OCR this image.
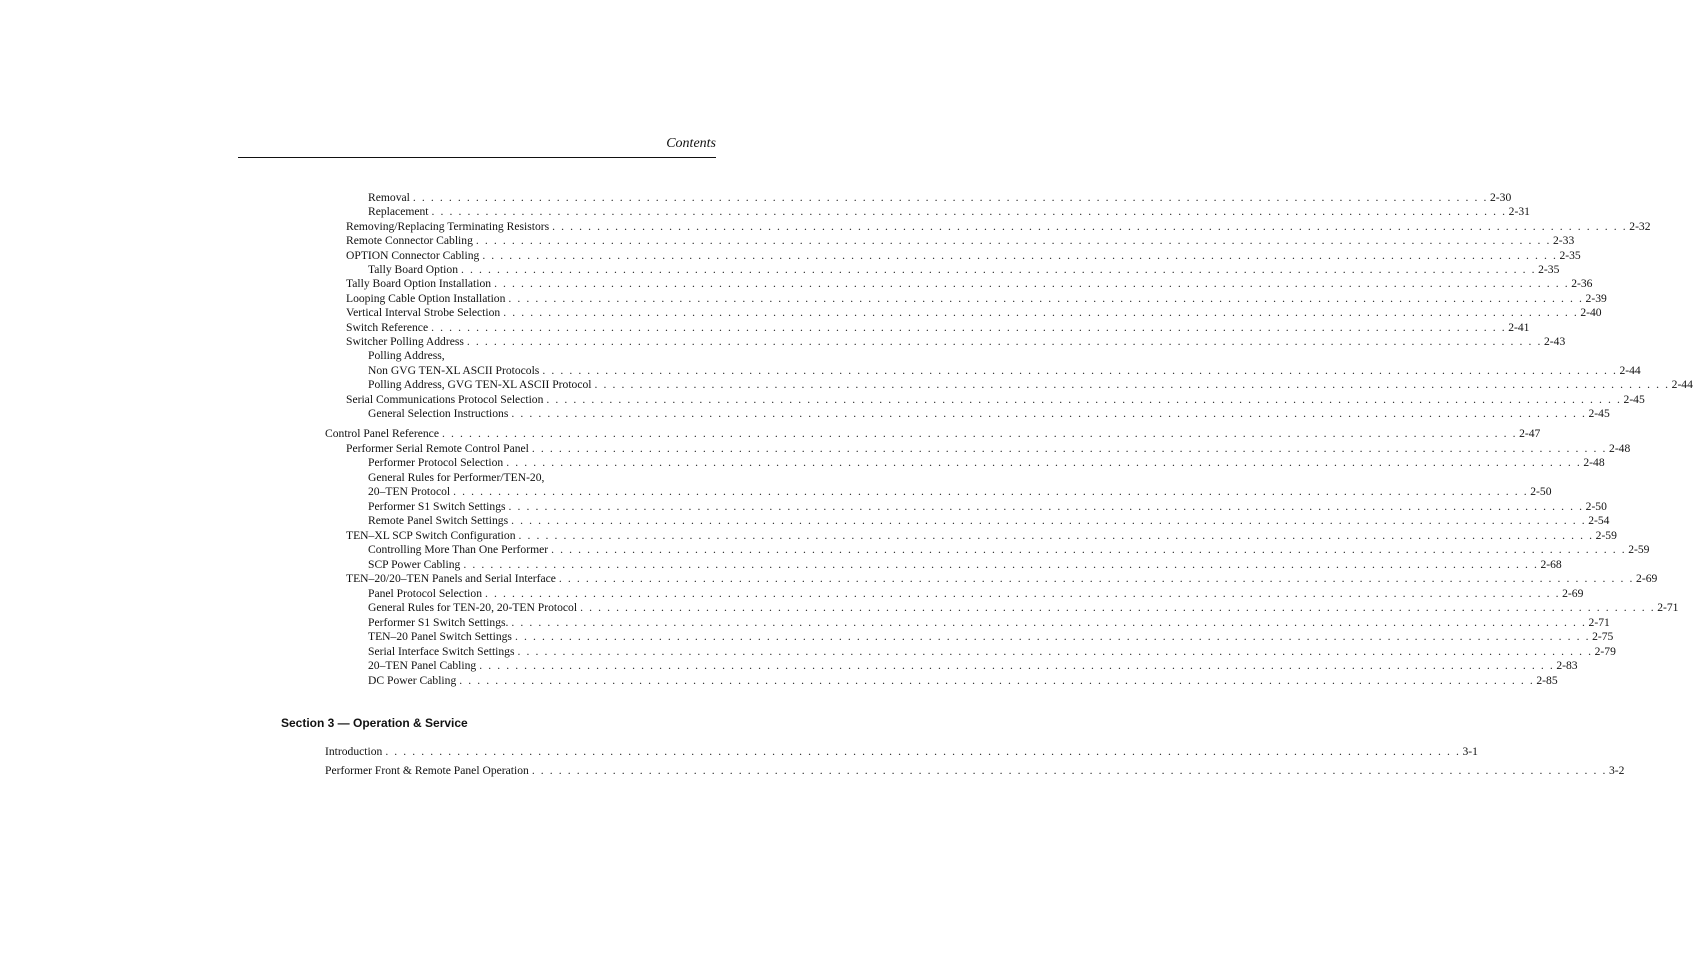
Contents
Removal . . . . . . . . . . . . . . . . . . . . . . . . . . . . . . . . . . . . . . . . . . . . . . . . . . . . . . . . . . . . . . . . . . . . . . . . . . . . . . . . . . . . . . . . . . . . . . . . . . . . . . . . . . . . . . . . . . . . . . . . 2-30
Replacement . . . . . . . . . . . . . . . . . . . . . . . . . . . . . . . . . . . . . . . . . . . . . . . . . . . . . . . . . . . . . . . . . . . . . . . . . . . . . . . . . . . . . . . . . . . . . . . . . . . . . . . . . . . . . . . . . . . . . . . . 2-31
Removing/Replacing Terminating Resistors . . . . . . . . . . . . . . . . . . . . . . . . . . . . . . . . . . . . . . . . . . . . . . . . . . . . . . . . . . . . . . . . . . . . . . . . . . . . . . . . . . . . . . . . . . . . . . . . . . . . . . . . . . . . . . . . . . . . . . . . 2-32
Remote Connector Cabling . . . . . . . . . . . . . . . . . . . . . . . . . . . . . . . . . . . . . . . . . . . . . . . . . . . . . . . . . . . . . . . . . . . . . . . . . . . . . . . . . . . . . . . . . . . . . . . . . . . . . . . . . . . . . . . . . . . . . . . . 2-33
OPTION Connector Cabling . . . . . . . . . . . . . . . . . . . . . . . . . . . . . . . . . . . . . . . . . . . . . . . . . . . . . . . . . . . . . . . . . . . . . . . . . . . . . . . . . . . . . . . . . . . . . . . . . . . . . . . . . . . . . . . . . . . . . . . . 2-35
Tally Board Option . . . . . . . . . . . . . . . . . . . . . . . . . . . . . . . . . . . . . . . . . . . . . . . . . . . . . . . . . . . . . . . . . . . . . . . . . . . . . . . . . . . . . . . . . . . . . . . . . . . . . . . . . . . . . . . . . . . . . . . . 2-35
Tally Board Option Installation . . . . . . . . . . . . . . . . . . . . . . . . . . . . . . . . . . . . . . . . . . . . . . . . . . . . . . . . . . . . . . . . . . . . . . . . . . . . . . . . . . . . . . . . . . . . . . . . . . . . . . . . . . . . . . . . . . . . . . . . 2-36
Looping Cable Option Installation . . . . . . . . . . . . . . . . . . . . . . . . . . . . . . . . . . . . . . . . . . . . . . . . . . . . . . . . . . . . . . . . . . . . . . . . . . . . . . . . . . . . . . . . . . . . . . . . . . . . . . . . . . . . . . . . . . . . . . . . 2-39
Vertical Interval Strobe Selection . . . . . . . . . . . . . . . . . . . . . . . . . . . . . . . . . . . . . . . . . . . . . . . . . . . . . . . . . . . . . . . . . . . . . . . . . . . . . . . . . . . . . . . . . . . . . . . . . . . . . . . . . . . . . . . . . . . . . . . . 2-40
Switch Reference . . . . . . . . . . . . . . . . . . . . . . . . . . . . . . . . . . . . . . . . . . . . . . . . . . . . . . . . . . . . . . . . . . . . . . . . . . . . . . . . . . . . . . . . . . . . . . . . . . . . . . . . . . . . . . . . . . . . . . . . 2-41
Switcher Polling Address . . . . . . . . . . . . . . . . . . . . . . . . . . . . . . . . . . . . . . . . . . . . . . . . . . . . . . . . . . . . . . . . . . . . . . . . . . . . . . . . . . . . . . . . . . . . . . . . . . . . . . . . . . . . . . . . . . . . . . . . 2-43
Polling Address,
Non GVG TEN-XL ASCII Protocols . . . . . . . . . . . . . . . . . . . . . . . . . . . . . . . . . . . . . . . . . . . . . . . . . . . . . . . . . . . . . . . . . . . . . . . . . . . . . . . . . . . . . . . . . . . . . . . . . . . . . . . . . . . . . . . . . . . . . . . . 2-44
Polling Address, GVG TEN-XL ASCII Protocol . . . . . . . . . . . . . . . . . . . . . . . . . . . . . . . . . . . . . . . . . . . . . . . . . . . . . . . . . . . . . . . . . . . . . . . . . . . . . . . . . . . . . . . . . . . . . . . . . . . . . . . . . . . . . . . . . . . . . . . . 2-44
Serial Communications Protocol Selection . . . . . . . . . . . . . . . . . . . . . . . . . . . . . . . . . . . . . . . . . . . . . . . . . . . . . . . . . . . . . . . . . . . . . . . . . . . . . . . . . . . . . . . . . . . . . . . . . . . . . . . . . . . . . . . . . . . . . . . . 2-45
General Selection Instructions . . . . . . . . . . . . . . . . . . . . . . . . . . . . . . . . . . . . . . . . . . . . . . . . . . . . . . . . . . . . . . . . . . . . . . . . . . . . . . . . . . . . . . . . . . . . . . . . . . . . . . . . . . . . . . . . . . . . . . . . 2-45
Control Panel Reference . . . . . . . . . . . . . . . . . . . . . . . . . . . . . . . . . . . . . . . . . . . . . . . . . . . . . . . . . . . . . . . . . . . . . . . . . . . . . . . . . . . . . . . . . . . . . . . . . . . . . . . . . . . . . . . . . . . . . . . . 2-47
Performer Serial Remote Control Panel . . . . . . . . . . . . . . . . . . . . . . . . . . . . . . . . . . . . . . . . . . . . . . . . . . . . . . . . . . . . . . . . . . . . . . . . . . . . . . . . . . . . . . . . . . . . . . . . . . . . . . . . . . . . . . . . . . . . . . . . 2-48
Performer Protocol Selection . . . . . . . . . . . . . . . . . . . . . . . . . . . . . . . . . . . . . . . . . . . . . . . . . . . . . . . . . . . . . . . . . . . . . . . . . . . . . . . . . . . . . . . . . . . . . . . . . . . . . . . . . . . . . . . . . . . . . . . . 2-48
General Rules for Performer/TEN-20,
20–TEN Protocol . . . . . . . . . . . . . . . . . . . . . . . . . . . . . . . . . . . . . . . . . . . . . . . . . . . . . . . . . . . . . . . . . . . . . . . . . . . . . . . . . . . . . . . . . . . . . . . . . . . . . . . . . . . . . . . . . . . . . . . . 2-50
Performer S1 Switch Settings . . . . . . . . . . . . . . . . . . . . . . . . . . . . . . . . . . . . . . . . . . . . . . . . . . . . . . . . . . . . . . . . . . . . . . . . . . . . . . . . . . . . . . . . . . . . . . . . . . . . . . . . . . . . . . . . . . . . . . . . 2-50
Remote Panel Switch Settings . . . . . . . . . . . . . . . . . . . . . . . . . . . . . . . . . . . . . . . . . . . . . . . . . . . . . . . . . . . . . . . . . . . . . . . . . . . . . . . . . . . . . . . . . . . . . . . . . . . . . . . . . . . . . . . . . . . . . . . . 2-54
TEN–XL SCP Switch Configuration . . . . . . . . . . . . . . . . . . . . . . . . . . . . . . . . . . . . . . . . . . . . . . . . . . . . . . . . . . . . . . . . . . . . . . . . . . . . . . . . . . . . . . . . . . . . . . . . . . . . . . . . . . . . . . . . . . . . . . . . 2-59
Controlling More Than One Performer . . . . . . . . . . . . . . . . . . . . . . . . . . . . . . . . . . . . . . . . . . . . . . . . . . . . . . . . . . . . . . . . . . . . . . . . . . . . . . . . . . . . . . . . . . . . . . . . . . . . . . . . . . . . . . . . . . . . . . . . 2-59
SCP Power Cabling . . . . . . . . . . . . . . . . . . . . . . . . . . . . . . . . . . . . . . . . . . . . . . . . . . . . . . . . . . . . . . . . . . . . . . . . . . . . . . . . . . . . . . . . . . . . . . . . . . . . . . . . . . . . . . . . . . . . . . . . 2-68
TEN–20/20–TEN Panels and Serial Interface . . . . . . . . . . . . . . . . . . . . . . . . . . . . . . . . . . . . . . . . . . . . . . . . . . . . . . . . . . . . . . . . . . . . . . . . . . . . . . . . . . . . . . . . . . . . . . . . . . . . . . . . . . . . . . . . . . . . . . . . 2-69
Panel Protocol Selection . . . . . . . . . . . . . . . . . . . . . . . . . . . . . . . . . . . . . . . . . . . . . . . . . . . . . . . . . . . . . . . . . . . . . . . . . . . . . . . . . . . . . . . . . . . . . . . . . . . . . . . . . . . . . . . . . . . . . . . . 2-69
General Rules for TEN-20, 20-TEN Protocol . . . . . . . . . . . . . . . . . . . . . . . . . . . . . . . . . . . . . . . . . . . . . . . . . . . . . . . . . . . . . . . . . . . . . . . . . . . . . . . . . . . . . . . . . . . . . . . . . . . . . . . . . . . . . . . . . . . . . . . . 2-71
Performer S1 Switch Settings. . . . . . . . . . . . . . . . . . . . . . . . . . . . . . . . . . . . . . . . . . . . . . . . . . . . . . . . . . . . . . . . . . . . . . . . . . . . . . . . . . . . . . . . . . . . . . . . . . . . . . . . . . . . . . . . . . . . . . . . . 2-71
TEN–20 Panel Switch Settings . . . . . . . . . . . . . . . . . . . . . . . . . . . . . . . . . . . . . . . . . . . . . . . . . . . . . . . . . . . . . . . . . . . . . . . . . . . . . . . . . . . . . . . . . . . . . . . . . . . . . . . . . . . . . . . . . . . . . . . . 2-75
Serial Interface Switch Settings . . . . . . . . . . . . . . . . . . . . . . . . . . . . . . . . . . . . . . . . . . . . . . . . . . . . . . . . . . . . . . . . . . . . . . . . . . . . . . . . . . . . . . . . . . . . . . . . . . . . . . . . . . . . . . . . . . . . . . . . 2-79
20–TEN Panel Cabling . . . . . . . . . . . . . . . . . . . . . . . . . . . . . . . . . . . . . . . . . . . . . . . . . . . . . . . . . . . . . . . . . . . . . . . . . . . . . . . . . . . . . . . . . . . . . . . . . . . . . . . . . . . . . . . . . . . . . . . . 2-83
DC Power Cabling . . . . . . . . . . . . . . . . . . . . . . . . . . . . . . . . . . . . . . . . . . . . . . . . . . . . . . . . . . . . . . . . . . . . . . . . . . . . . . . . . . . . . . . . . . . . . . . . . . . . . . . . . . . . . . . . . . . . . . . . 2-85
Introduction . . . . . . . . . . . . . . . . . . . . . . . . . . . . . . . . . . . . . . . . . . . . . . . . . . . . . . . . . . . . . . . . . . . . . . . . . . . . . . . . . . . . . . . . . . . . . . . . . . . . . . . . . . . . . . . . . . . . . . . . 3-1
Performer Front & Remote Panel Operation . . . . . . . . . . . . . . . . . . . . . . . . . . . . . . . . . . . . . . . . . . . . . . . . . . . . . . . . . . . . . . . . . . . . . . . . . . . . . . . . . . . . . . . . . . . . . . . . . . . . . . . . . . . . . . . . . . . . . . . . 3-2
Section 3 — Operation & Service
